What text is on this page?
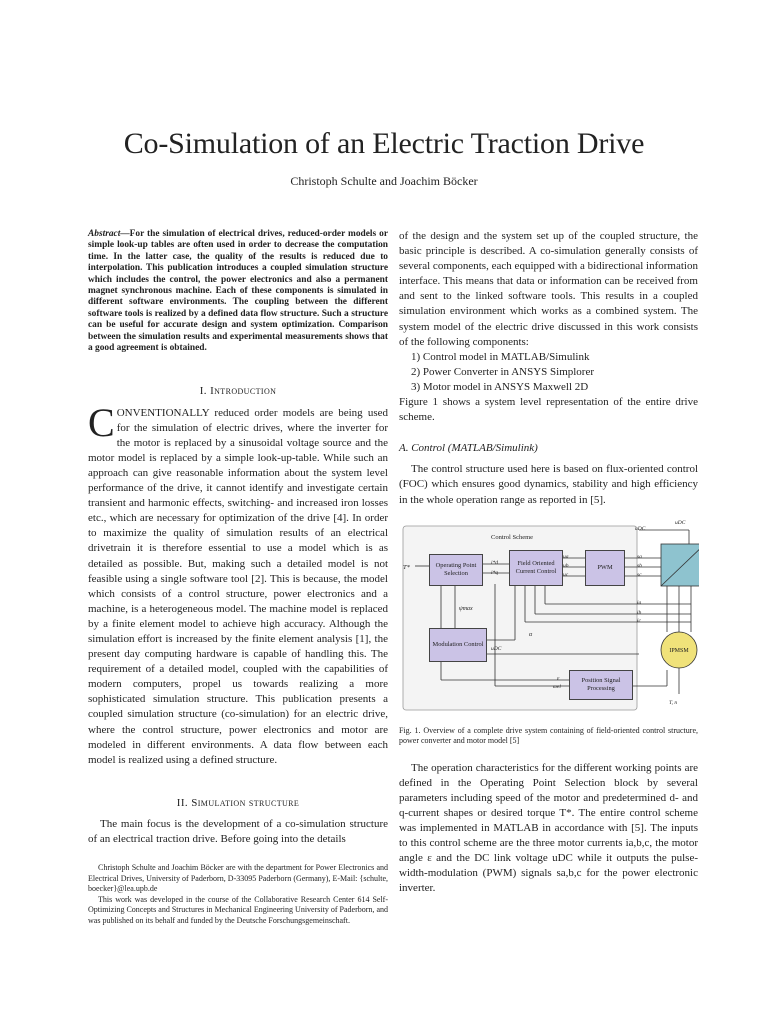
Co-Simulation of an Electric Traction Drive

Christoph Schulte and Joachim Böcker

Abstract—For the simulation of electrical drives, reduced-order models or simple look-up tables are often used in order to decrease the computation time. In the latter case, the quality of the results is reduced due to interpolation. This publication introduces a coupled simulation structure which includes the control, the power electronics and also a permanent magnet synchronous machine. Each of these components is simulated in different software environments. The coupling between the different software tools is realized by a defined data flow structure. Such a structure can be useful for accurate design and system optimization. Comparison between the simulation results and experimental measurements shows that a good agreement is obtained.

I. Introduction

CONVENTIONALLY reduced order models are being used for the simulation of electric drives, where the inverter for the motor is replaced by a sinusoidal voltage source and the motor model is replaced by a simple look-up-table. While such an approach can give reasonable information about the system level performance of the drive, it cannot identify and investigate certain transient and harmonic effects, switching- and increased iron losses etc., which are necessary for optimization of the drive [4]. In order to maximize the quality of simulation results of an electrical drivetrain it is therefore essential to use a model which is as detailed as possible. But, making such a detailed model is not feasible using a single software tool [2]. This is because, the model which consists of a control structure, power electronics and a machine, is a heterogeneous model. The machine model is replaced by a finite element model to achieve high accuracy. Although the simulation effort is increased by the finite element analysis [1], the present day computing hardware is capable of handling this. The requirement of a detailed model, coupled with the capabilities of modern computers, propel us towards realizing a more sophisticated simulation structure. This publication presents a coupled simulation structure (co-simulation) for an electric drive, where the control structure, power electronics and motor are modeled in different environments. A data flow between each model is realized using a defined structure.

II. Simulation structure

The main focus is the development of a co-simulation structure of an electrical traction drive. Before going into the details

Christoph Schulte and Joachim Böcker are with the department for Power Electronics and Electrical Drives, University of Paderborn, D-33095 Paderborn (Germany), E-Mail: {schulte, boecker}@lea.upb.de

This work was developed in the course of the Collaborative Research Center 614 Self-Optimizing Concepts and Structures in Mechanical Engineering University of Paderborn, and was published on its behalf and funded by the Deutsche Forschungsgemeinschaft.

of the design and the system set up of the coupled structure, the basic principle is described. A co-simulation generally consists of several components, each equipped with a bidirectional information interface. This means that data or information can be received from and sent to the linked software tools. This results in a coupled simulation environment which works as a combined system. The system model of the electric drive discussed in this work consists of the following components:

1) Control model in MATLAB/Simulink
2) Power Converter in ANSYS Simplorer
3) Motor model in ANSYS Maxwell 2D

Figure 1 shows a system level representation of the entire drive scheme.

A. Control (MATLAB/Simulink)

The control structure used here is based on flux-oriented control (FOC) which ensures good dynamics, stability and high efficiency in the whole operation range as reported in [5].

Control Scheme
Operating Point Selection
Field Oriented Current Control
PWM
Modulation Control
Position Signal Processing
IPMSM
T*
i*d
i*q
ua
ub
uc
sa
sb
sc
ia
ib
ic
uDC
uDC
ψmax
α
uDC
ε
ωel
T, n

Fig. 1. Overview of a complete drive system containing of field-oriented control structure, power converter and motor model [5]

The operation characteristics for the different working points are defined in the Operating Point Selection block by several parameters including speed of the motor and predetermined d- and q-current shapes or desired torque T*. The entire control scheme was implemented in MATLAB in accordance with [5]. The inputs to this control scheme are the three motor currents ia,b,c, the motor angle ε and the DC link voltage uDC while it outputs the pulse-width-modulation (PWM) signals sa,b,c for the power electronic inverter.
